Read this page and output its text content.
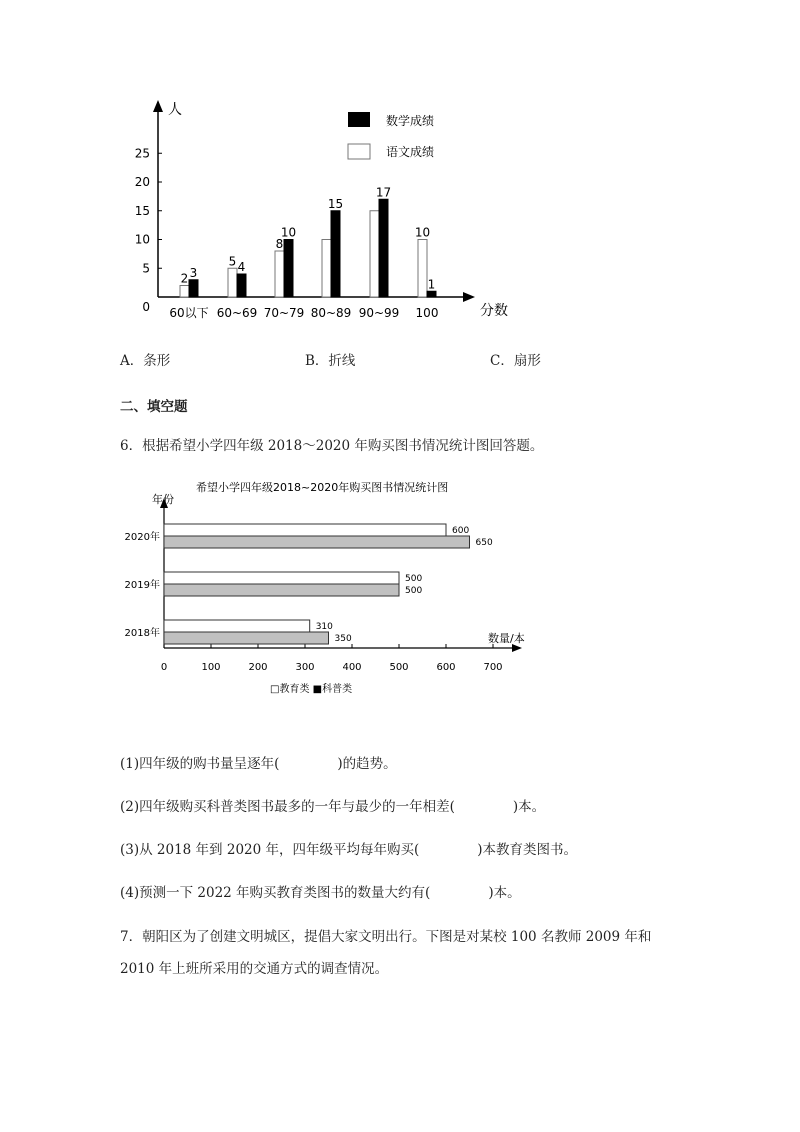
人
分数
0
5
10
15
20
25
60以下 60~69 70~79 80~89 90~99 100
2
5
8
10
3	4
10
15
17
1
数学成绩
语文成绩
A．条形	B．折线	C．扇形
二、填空题
6．根据希望小学四年级 2018～2020 年购买图书情况统计图回答题。
希望小学四年级2018~2020年购买图书情况统计图
年份
数量/本
0	100	200	300	400	500	600	700
2020年
2019年
2018年
600
500
310
650
500
350
□教育类 ■科普类
(1)四年级的购书量呈逐年(	)的趋势。
(2)四年级购买科普类图书最多的一年与最少的一年相差(	)本。
(3)从 2018 年到 2020 年，四年级平均每年购买(	)本教育类图书。
(4)预测一下 2022 年购买教育类图书的数量大约有(	)本。
7．朝阳区为了创建文明城区，提倡大家文明出行。下图是对某校 100 名教师 2009 年和
2010 年上班所采用的交通方式的调查情况。
